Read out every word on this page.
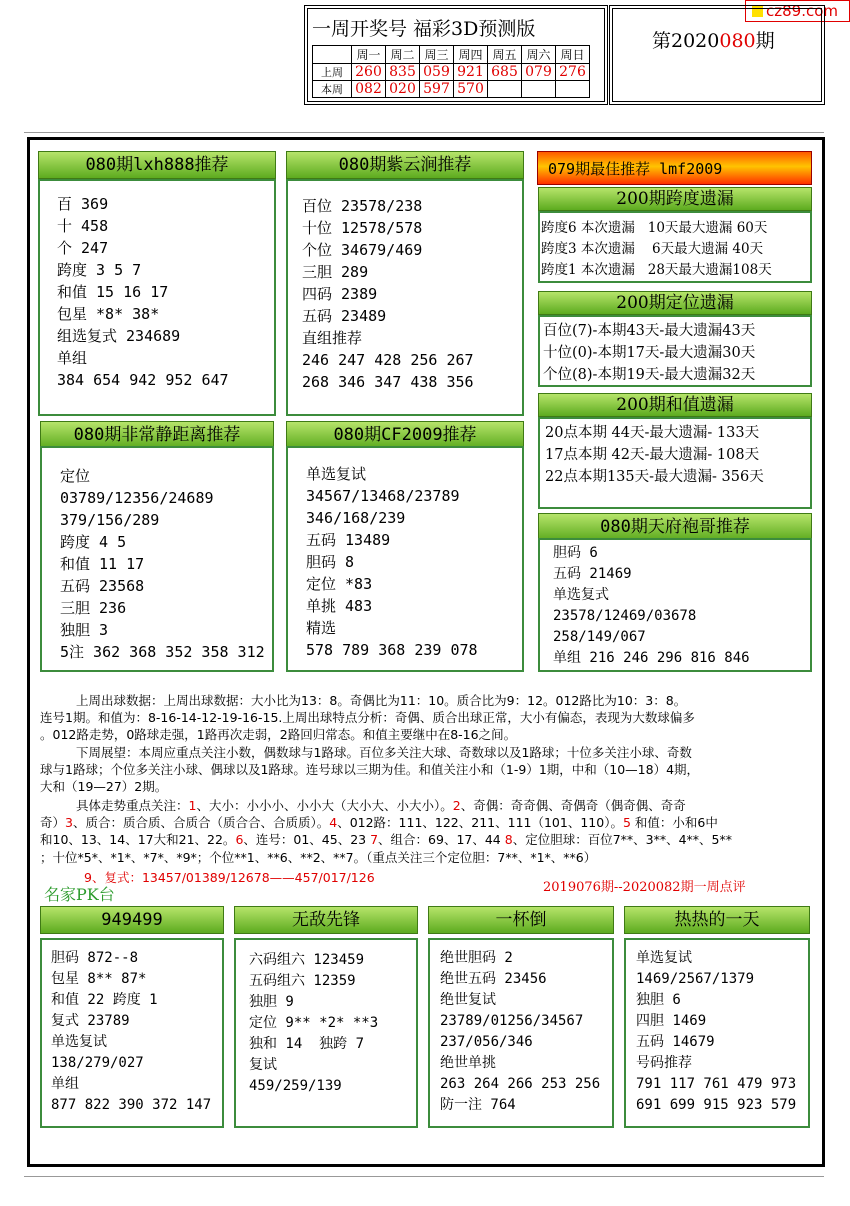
cz89.com
一周开奖号 福彩3D预测版
	周一	周二	周三	周四	周五	周六	周日
上周	260	835	059	921	685	079	276
本周	082	020	597	570			
第2020080期
080期lxh888推荐
百 369
十 458
个 247
跨度 3 5 7
和值 15 16 17
包星 *8* 38*
组选复式 234689
单组
384 654 942 952 647
080期紫云涧推荐
百位 23578/238
十位 12578/578
个位 34679/469
三胆 289
四码 2389
五码 23489
直组推荐
246 247 428 256 267
268 346 347 438 356
079期最佳推荐 lmf2009
200期跨度遗漏
跨度6 本次遗漏   10天最大遗漏 60天
跨度3 本次遗漏    6天最大遗漏 40天
跨度1 本次遗漏   28天最大遗漏108天
200期定位遗漏
百位(7)-本期43天-最大遗漏43天
十位(0)-本期17天-最大遗漏30天
个位(8)-本期19天-最大遗漏32天
200期和值遗漏
20点本期 44天-最大遗漏- 133天
17点本期 42天-最大遗漏- 108天
22点本期135天-最大遗漏- 356天
080期非常静距离推荐
定位
03789/12356/24689
379/156/289
跨度 4 5
和值 11 17
五码 23568
三胆 236
独胆 3
5注 362 368 352 358 312
080期CF2009推荐
单选复试
34567/13468/23789
346/168/239
五码 13489
胆码 8
定位 *83
单挑 483
精选
578 789 368 239 078
080期天府袍哥推荐
胆码 6
五码 21469
单选复式
23578/12469/03678
258/149/067
单组 216 246 296 816 846
上周出球数据：上周出球数据：大小比为13：8。奇偶比为11：10。质合比为9：12。012路比为10：3：8。
连号1期。和值为：8-16-14-12-19-16-15.上周出球特点分析：奇偶、质合出球正常，大小有偏态，表现为大数球偏多
。012路走势，0路球走强，1路再次走弱，2路回归常态。和值主要继中在8-16之间。
下周展望：本周应重点关注小数，偶数球与1路球。百位多关注大球、奇数球以及1路球；十位多关注小球、奇数
球与1路球；个位多关注小球、偶球以及1路球。连号球以三期为佳。和值关注小和（1-9）1期，中和（10—18）4期，
大和（19—27）2期。
具体走势重点关注：1、大小：小小小、小小大（大小大、小大小）。2、奇偶：奇奇偶、奇偶奇（偶奇偶、奇奇
奇）3、质合：质合质、合质合（质合合、合质质）。4、012路：111、122、211、111（101、110）。5 和值：小和6中
和10、13、14、17大和21、22。6、连号：01、45、23 7、组合：69、17、44 8、定位胆球：百位7**、3**、4**、5**
；十位*5*、*1*、*7*、*9*；个位**1、**6、**2、**7。（重点关注三个定位胆：7**、*1*、**6）
9、复式：13457/01389/12678——457/017/126
名家PK台	2019076期--2020082期一周点评
949499
胆码 872--8
包星 8** 87*
和值 22 跨度 1
复式 23789
单选复试
138/279/027
单组
877 822 390 372 147
无敌先锋
六码组六 123459
五码组六 12359
独胆 9
定位 9** *2* **3
独和 14  独跨 7
复试
459/259/139
一杯倒
绝世胆码 2
绝世五码 23456
绝世复试
23789/01256/34567
237/056/346
绝世单挑
263 264 266 253 256
防一注 764
热热的一天
单选复试
1469/2567/1379
独胆 6
四胆 1469
五码 14679
号码推荐
791 117 761 479 973
691 699 915 923 579
